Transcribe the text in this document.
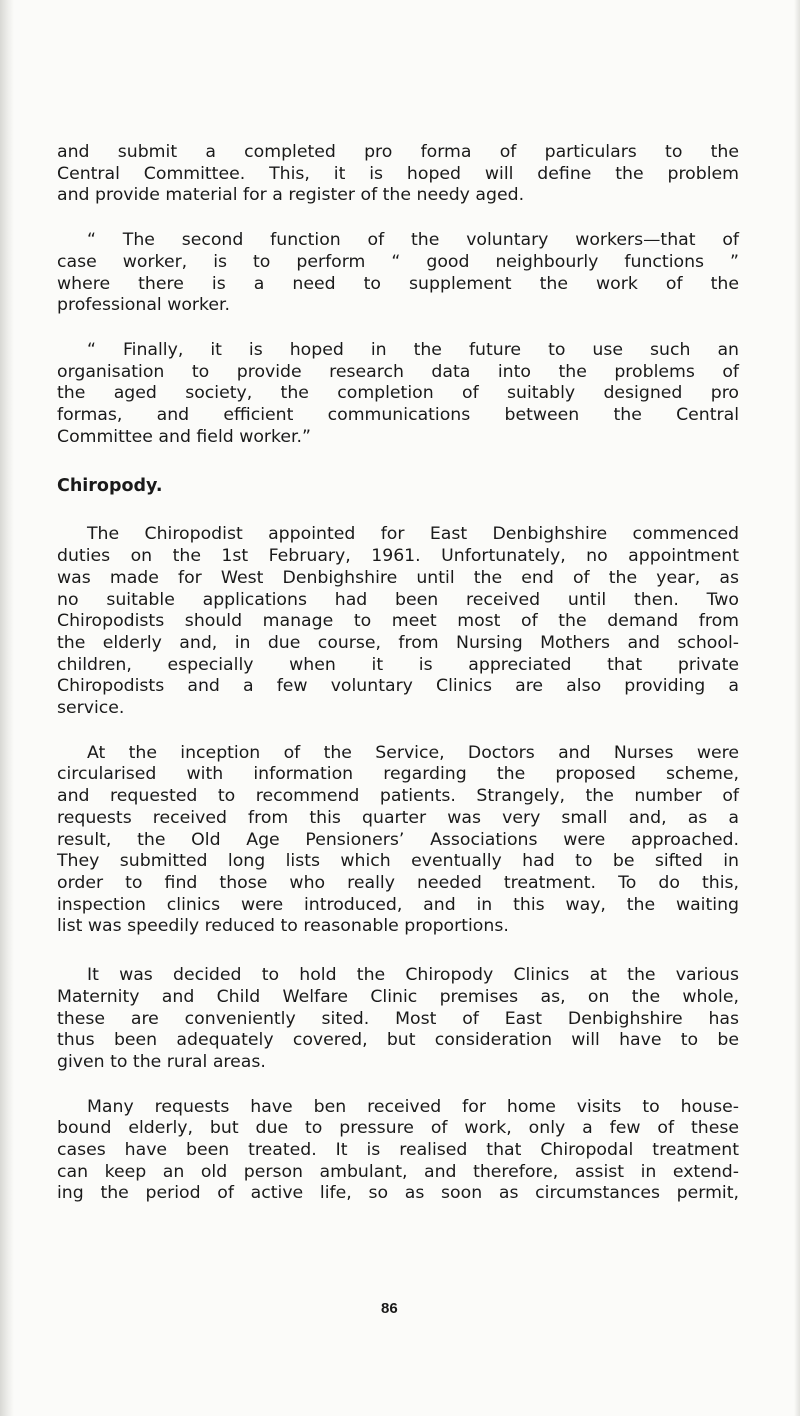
and submit a completed pro forma of particulars to the
Central Committee. This, it is hoped will define the problem
and provide material for a register of the needy aged.

“ The second function of the voluntary workers—that of
case worker, is to perform “ good neighbourly functions ”
where there is a need to supplement the work of the
professional worker.

“ Finally, it is hoped in the future to use such an
organisation to provide research data into the problems of
the aged society, the completion of suitably designed pro
formas, and efficient communications between the Central
Committee and field worker.”

Chiropody.

The Chiropodist appointed for East Denbighshire commenced
duties on the 1st February, 1961. Unfortunately, no appointment
was made for West Denbighshire until the end of the year, as
no suitable applications had been received until then. Two
Chiropodists should manage to meet most of the demand from
the elderly and, in due course, from Nursing Mothers and school-
children, especially when it is appreciated that private
Chiropodists and a few voluntary Clinics are also providing a
service.

At the inception of the Service, Doctors and Nurses were
circularised with information regarding the proposed scheme,
and requested to recommend patients. Strangely, the number of
requests received from this quarter was very small and, as a
result, the Old Age Pensioners’ Associations were approached.
They submitted long lists which eventually had to be sifted in
order to find those who really needed treatment. To do this,
inspection clinics were introduced, and in this way, the waiting
list was speedily reduced to reasonable proportions.

It was decided to hold the Chiropody Clinics at the various
Maternity and Child Welfare Clinic premises as, on the whole,
these are conveniently sited. Most of East Denbighshire has
thus been adequately covered, but consideration will have to be
given to the rural areas.

Many requests have ben received for home visits to house-
bound elderly, but due to pressure of work, only a few of these
cases have been treated. It is realised that Chiropodal treatment
can keep an old person ambulant, and therefore, assist in extend-
ing the period of active life, so as soon as circumstances permit,

86
